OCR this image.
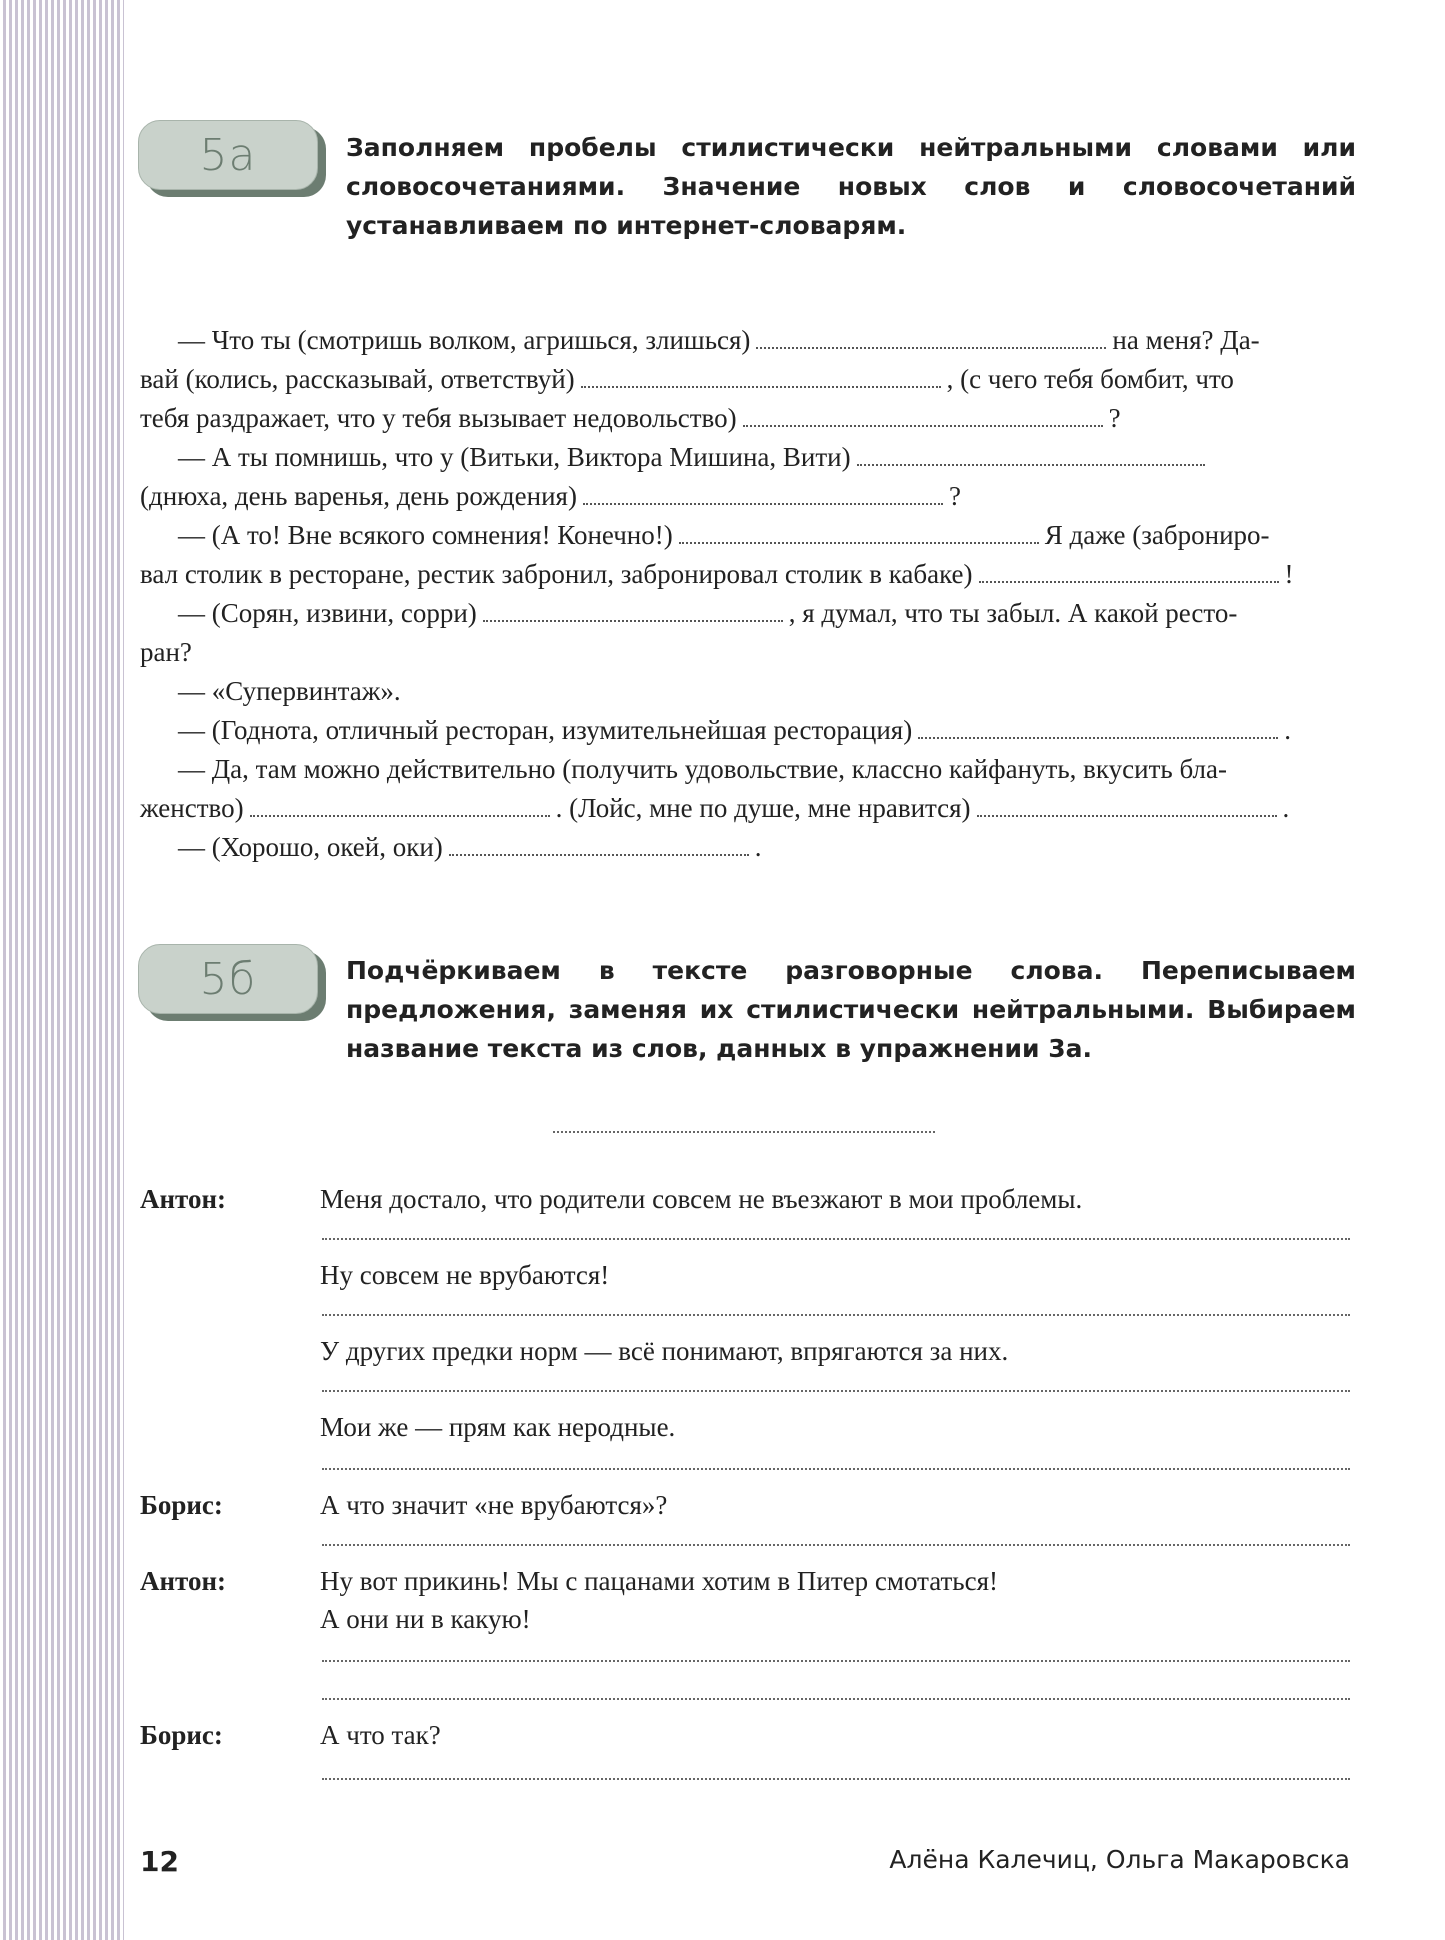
5а	Заполняем пробелы стилистически нейтральными словами или словосочетаниями. Значение новых слов и словосочетаний устанавливаем по интернет-словарям.
— Что ты (смотришь волком, агришься, злишься)	на меня? Да-
вай (колись, рассказывай, ответствуй)	, (с чего тебя бомбит, что
тебя раздражает, что у тебя вызывает недовольство)	?
— А ты помнишь, что у (Витьки, Виктора Мишина, Вити)
(днюха, день варенья, день рождения)	?
— (А то! Вне всякого сомнения! Конечно!)	Я даже (заброниро-
вал столик в ресторане, рестик забронил, забронировал столик в кабаке)	!
— (Сорян, извини, сорри)	, я думал, что ты забыл. А какой ресто-
ран?
— «Супервинтаж».
— (Годнота, отличный ресторан, изумительнейшая ресторация)	.
— Да, там можно действительно (получить удовольствие, классно кайфануть, вкусить бла-
женство)	. (Лойс, мне по душе, мне нравится)	.
— (Хорошо, окей, оки)	.
5б	Подчёркиваем в тексте разговорные слова. Переписываем предложения, заменяя их стилистически нейтральными. Выбираем название текста из слов, данных в упражнении 3а.
Антон:	Меня достало, что родители совсем не въезжают в мои проблемы.
Ну совсем не врубаются!
У других предки норм — всё понимают, впрягаются за них.
Мои же — прям как неродные.
Борис:	А что значит «не врубаются»?
Антон:	Ну вот прикинь! Мы с пацанами хотим в Питер смотаться!
А они ни в какую!
Борис:	А что так?
12	Алёна Калечиц, Ольга Макаровска
